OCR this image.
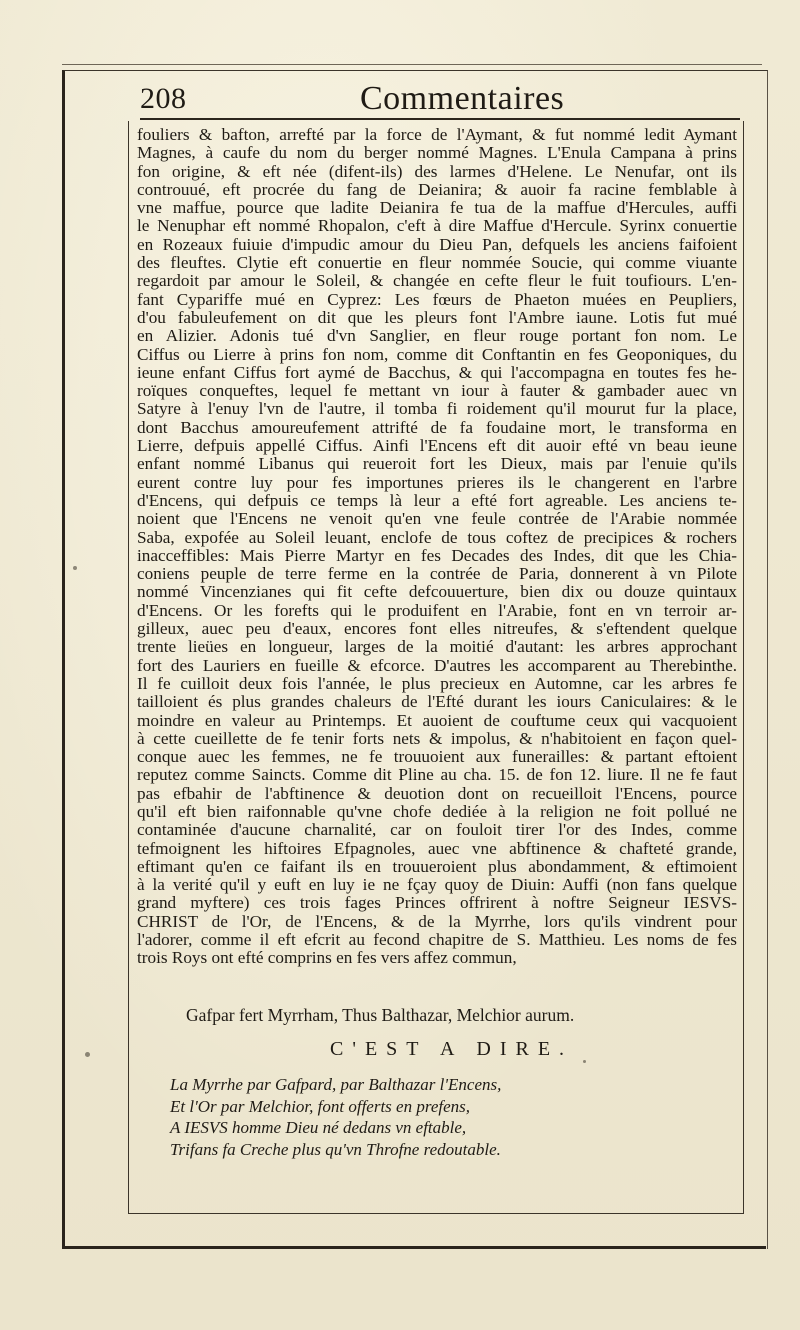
208	Commentaires
fouliers & bafton, arrefté par la force de l'Aymant, & fut nommé ledit Aymant
Magnes, à caufe du nom du berger nommé Magnes. L'Enula Campana à prins
fon origine, & eft née (difent-ils) des larmes d'Helene. Le Nenufar, ont ils
controuué, eft procrée du fang de Deianira; & auoir fa racine femblable à
vne maffue, pource que ladite Deianira fe tua de la maffue d'Hercules, auffi
le Nenuphar eft nommé Rhopalon, c'eft à dire Maffue d'Hercule. Syrinx conuertie
en Rozeaux fuiuie d'impudic amour du Dieu Pan, defquels les anciens faifoient
des fleuftes. Clytie eft conuertie en fleur nommée Soucie, qui comme viuante
regardoit par amour le Soleil, & changée en cefte fleur le fuit toufiours. L'en-
fant Cypariffe mué en Cyprez: Les fœurs de Phaeton muées en Peupliers,
d'ou fabuleufement on dit que les pleurs font l'Ambre iaune. Lotis fut mué
en Alizier. Adonis tué d'vn Sanglier, en fleur rouge portant fon nom. Le
Ciffus ou Lierre à prins fon nom, comme dit Conftantin en fes Geoponiques, du
ieune enfant Ciffus fort aymé de Bacchus, & qui l'accompagna en toutes fes he-
roïques conqueftes, lequel fe mettant vn iour à fauter & gambader auec vn
Satyre à l'enuy l'vn de l'autre, il tomba fi roidement qu'il mourut fur la place,
dont Bacchus amoureufement attrifté de fa foudaine mort, le transforma en
Lierre, defpuis appellé Ciffus. Ainfi l'Encens eft dit auoir efté vn beau ieune
enfant nommé Libanus qui reueroit fort les Dieux, mais par l'enuie qu'ils
eurent contre luy pour fes importunes prieres ils le changerent en l'arbre
d'Encens, qui defpuis ce temps là leur a efté fort agreable. Les anciens te-
noient que l'Encens ne venoit qu'en vne feule contrée de l'Arabie nommée
Saba, expofée au Soleil leuant, enclofe de tous coftez de precipices & rochers
inacceffibles: Mais Pierre Martyr en fes Decades des Indes, dit que les Chia-
coniens peuple de terre ferme en la contrée de Paria, donnerent à vn Pilote
nommé Vincenzianes qui fit cefte defcouuerture, bien dix ou douze quintaux
d'Encens. Or les forefts qui le produifent en l'Arabie, font en vn terroir ar-
gilleux, auec peu d'eaux, encores font elles nitreufes, & s'eftendent quelque
trente lieües en longueur, larges de la moitié d'autant: les arbres approchant
fort des Lauriers en fueille & efcorce. D'autres les accomparent au Therebinthe.
Il fe cuilloit deux fois l'année, le plus precieux en Automne, car les arbres fe
tailloient és plus grandes chaleurs de l'Efté durant les iours Caniculaires: & le
moindre en valeur au Printemps. Et auoient de couftume ceux qui vacquoient
à cette cueillette de fe tenir forts nets & impolus, & n'habitoient en façon quel-
conque auec les femmes, ne fe trouuoient aux funerailles: & partant eftoient
reputez comme Saincts. Comme dit Pline au cha. 15. de fon 12. liure. Il ne fe faut
pas efbahir de l'abftinence & deuotion dont on recueilloit l'Encens, pource
qu'il eft bien raifonnable qu'vne chofe dediée à la religion ne foit pollué ne
contaminée d'aucune charnalité, car on fouloit tirer l'or des Indes, comme
tefmoignent les hiftoires Efpagnoles, auec vne abftinence & chafteté grande,
eftimant qu'en ce faifant ils en trouueroient plus abondamment, & eftimoient
à la verité qu'il y euft en luy ie ne fçay quoy de Diuin: Auffi (non fans quelque
grand myftere) ces trois fages Princes offrirent à noftre Seigneur IESVS-
CHRIST de l'Or, de l'Encens, & de la Myrrhe, lors qu'ils vindrent pour
l'adorer, comme il eft efcrit au fecond chapitre de S. Matthieu. Les noms de fes
trois Roys ont efté comprins en fes vers affez commun,
Gafpar fert Myrrham, Thus Balthazar, Melchior aurum.
C'EST A DIRE.
La Myrrhe par Gafpard, par Balthazar l'Encens,
Et l'Or par Melchior, font offerts en prefens,
A IESVS homme Dieu né dedans vn eftable,
Trifans fa Creche plus qu'vn Throfne redoutable.
